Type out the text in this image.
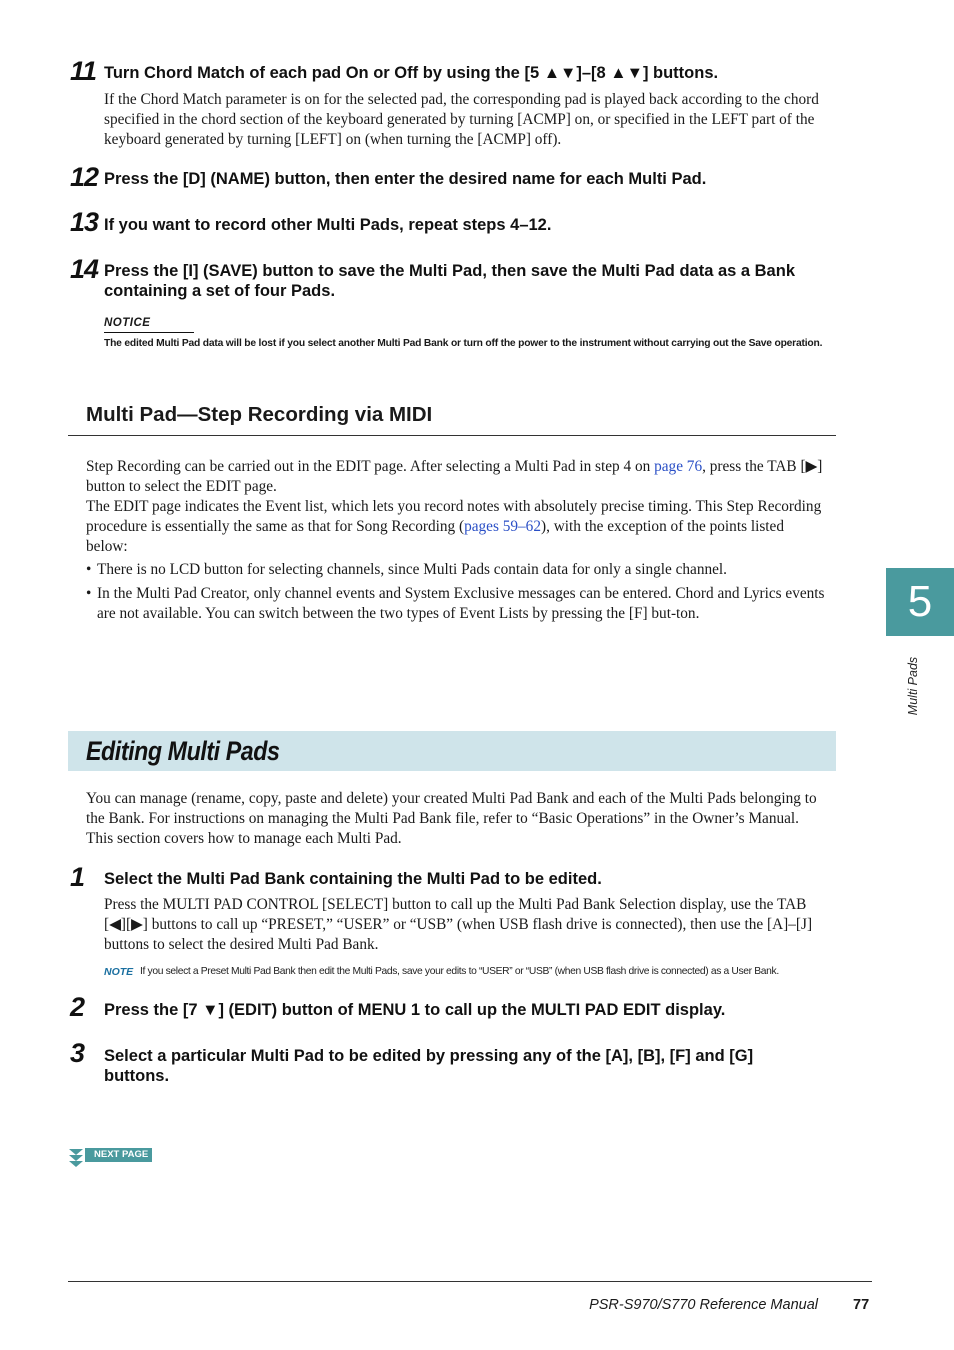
11 Turn Chord Match of each pad On or Off by using the [5 ▲▼]–[8 ▲▼] buttons.
If the Chord Match parameter is on for the selected pad, the corresponding pad is played back according to the chord specified in the chord section of the keyboard generated by turning [ACMP] on, or specified in the LEFT part of the keyboard generated by turning [LEFT] on (when turning the [ACMP] off).
12 Press the [D] (NAME) button, then enter the desired name for each Multi Pad.
13 If you want to record other Multi Pads, repeat steps 4–12.
14 Press the [I] (SAVE) button to save the Multi Pad, then save the Multi Pad data as a Bank containing a set of four Pads.
NOTICE
The edited Multi Pad data will be lost if you select another Multi Pad Bank or turn off the power to the instrument without carrying out the Save operation.
Multi Pad—Step Recording via MIDI
Step Recording can be carried out in the EDIT page. After selecting a Multi Pad in step 4 on page 76, press the TAB [▶] button to select the EDIT page.
The EDIT page indicates the Event list, which lets you record notes with absolutely precise timing. This Step Recording procedure is essentially the same as that for Song Recording (pages 59–62), with the exception of the points listed below:
• There is no LCD button for selecting channels, since Multi Pads contain data for only a single channel.
• In the Multi Pad Creator, only channel events and System Exclusive messages can be entered. Chord and Lyrics events are not available. You can switch between the two types of Event Lists by pressing the [F] but-ton.	5
Multi Pads
Editing Multi Pads
You can manage (rename, copy, paste and delete) your created Multi Pad Bank and each of the Multi Pads belonging to the Bank. For instructions on managing the Multi Pad Bank file, refer to “Basic Operations” in the Owner’s Manual. This section covers how to manage each Multi Pad.
1 Select the Multi Pad Bank containing the Multi Pad to be edited.
Press the MULTI PAD CONTROL [SELECT] button to call up the Multi Pad Bank Selection display, use the TAB [◀][▶] buttons to call up “PRESET,” “USER” or “USB” (when USB flash drive is connected), then use the [A]–[J] buttons to select the desired Multi Pad Bank.
NOTE If you select a Preset Multi Pad Bank then edit the Multi Pads, save your edits to “USER” or “USB” (when USB flash drive is connected) as a User Bank.
2 Press the [7 ▼] (EDIT) button of MENU 1 to call up the MULTI PAD EDIT display.
3 Select a particular Multi Pad to be edited by pressing any of the [A], [B], [F] and [G] buttons.
NEXT PAGE
PSR-S970/S770 Reference Manual 77
